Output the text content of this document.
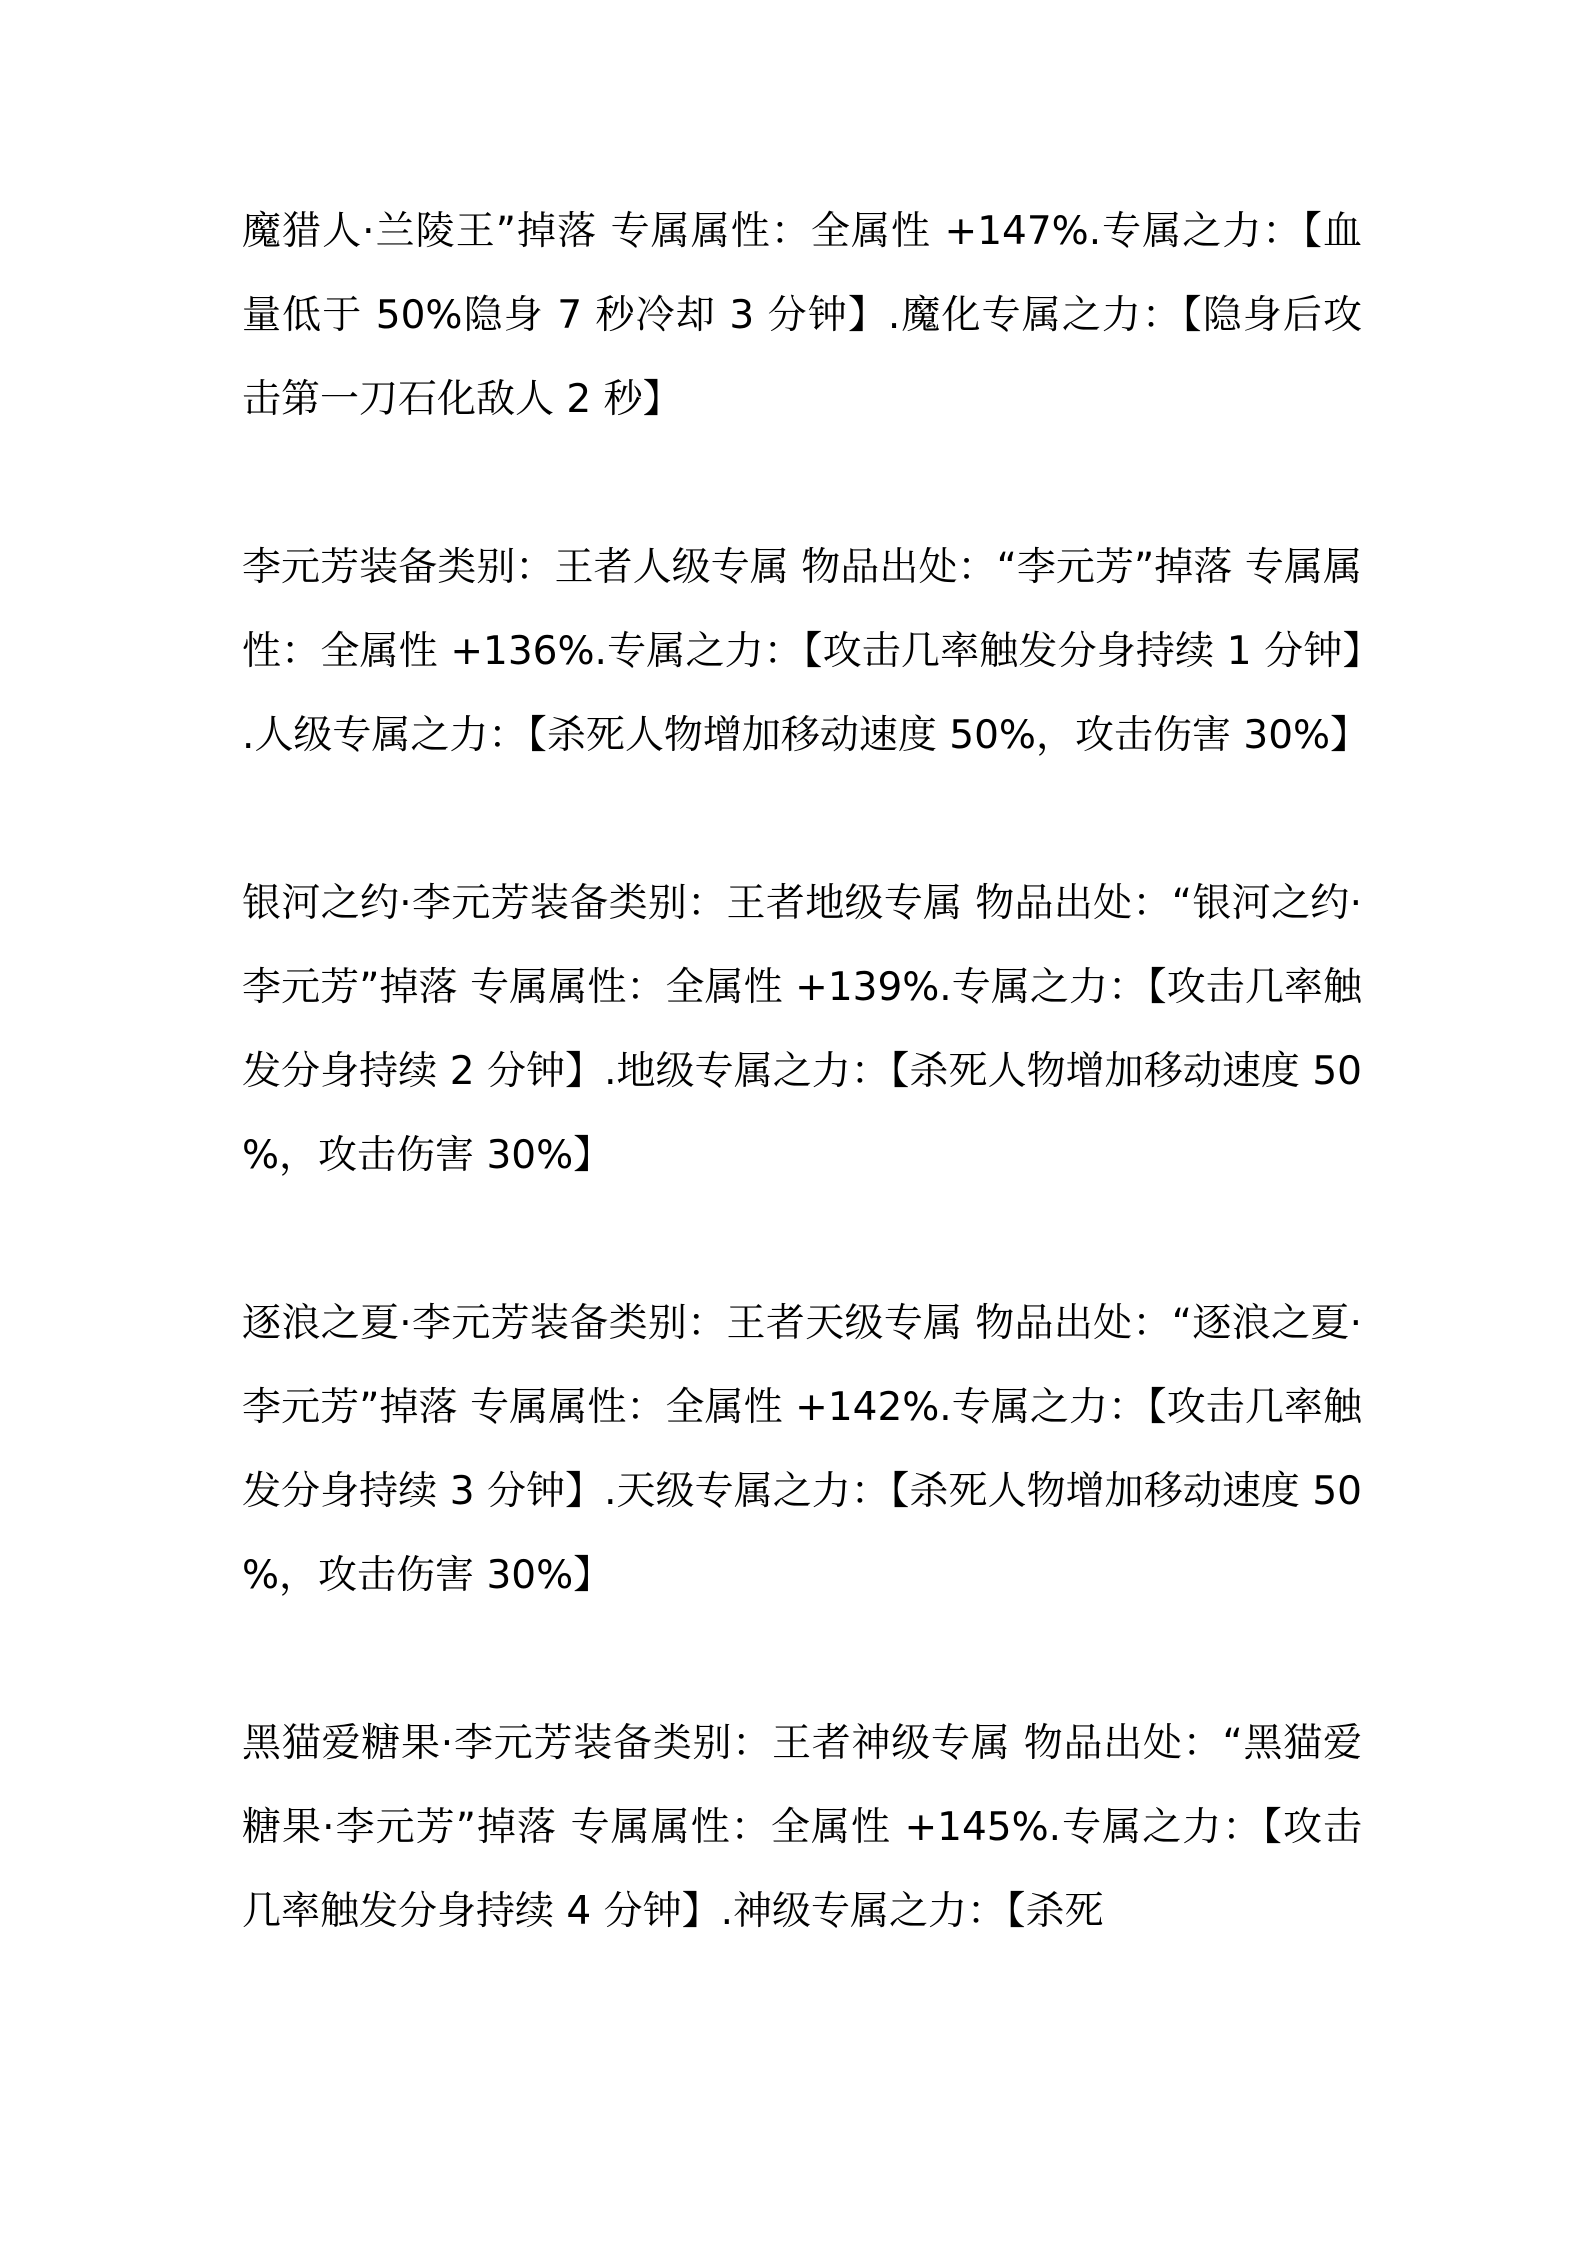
魔猎人·兰陵王”掉落 专属属性：全属性 +147%.专属之力：【血量低于 50%隐身 7 秒冷却 3 分钟】.魔化专属之力：【隐身后攻击第一刀石化敌人 2 秒】

李元芳装备类别：王者人级专属 物品出处：“李元芳”掉落 专属属性：全属性 +136%.专属之力：【攻击几率触发分身持续 1 分钟】.人级专属之力：【杀死人物增加移动速度 50%，攻击伤害 30%】

银河之约·李元芳装备类别：王者地级专属 物品出处：“银河之约·李元芳”掉落 专属属性：全属性 +139%.专属之力：【攻击几率触发分身持续 2 分钟】.地级专属之力：【杀死人物增加移动速度 50%，攻击伤害 30%】

逐浪之夏·李元芳装备类别：王者天级专属 物品出处：“逐浪之夏·李元芳”掉落 专属属性：全属性 +142%.专属之力：【攻击几率触发分身持续 3 分钟】.天级专属之力：【杀死人物增加移动速度 50%，攻击伤害 30%】

黑猫爱糖果·李元芳装备类别：王者神级专属 物品出处：“黑猫爱糖果·李元芳”掉落 专属属性：全属性 +145%.专属之力：【攻击几率触发分身持续 4 分钟】.神级专属之力：【杀死
